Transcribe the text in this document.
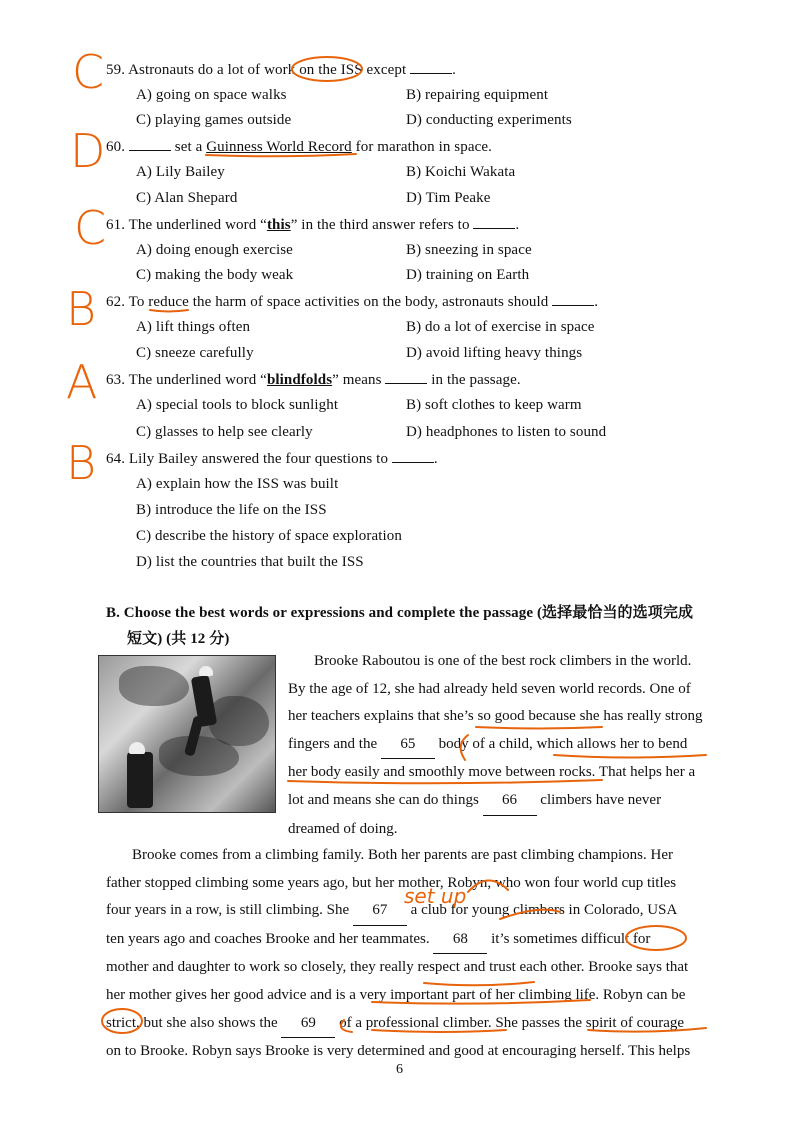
C
D
C
B
A
B
59. Astronauts do a lot of work on the ISS except	.
A) going on space walks	B) repairing equipment
C) playing games outside	D) conducting experiments
60.	set a Guinness World Record for marathon in space.
A) Lily Bailey	B) Koichi Wakata
C) Alan Shepard	D) Tim Peake
61. The underlined word “this” in the third answer refers to	.
A) doing enough exercise	B) sneezing in space
C) making the body weak	D) training on Earth
62. To reduce the harm of space activities on the body, astronauts should	.
A) lift things often	B) do a lot of exercise in space
C) sneeze carefully	D) avoid lifting heavy things
63. The underlined word “blindfolds” means	in the passage.
A) special tools to block sunlight	B) soft clothes to keep warm
C) glasses to help see clearly	D) headphones to listen to sound
64. Lily Bailey answered the four questions to	.
A) explain how the ISS was built
B) introduce the life on the ISS
C) describe the history of space exploration
D) list the countries that built the ISS
B. Choose the best words or expressions and complete the passage (选择最恰当的选项完成
短文) (共 12 分)
Brooke Raboutou is one of the best rock climbers in the world.
By the age of 12, she had already held seven world records. One of
her teachers explains that she’s so good because she has really strong
fingers and the 65 body of a child, which allows her to bend
her body easily and smoothly move between rocks. That helps her a
lot and means she can do things 66 climbers have never
dreamed of doing.
Brooke comes from a climbing family. Both her parents are past climbing champions. Her
father stopped climbing some years ago, but her mother, Robyn, who won four world cup titles
four years in a row, is still climbing. She 67 a club for young climbers in Colorado, USA
ten years ago and coaches Brooke and her teammates. 68 it’s sometimes difficult for
mother and daughter to work so closely, they really respect and trust each other. Brooke says that
her mother gives her good advice and is a very important part of her climbing life. Robyn can be
strict, but she also shows the 69 of a professional climber. She passes the spirit of courage
on to Brooke. Robyn says Brooke is very determined and good at encouraging herself. This helps
set up
6
